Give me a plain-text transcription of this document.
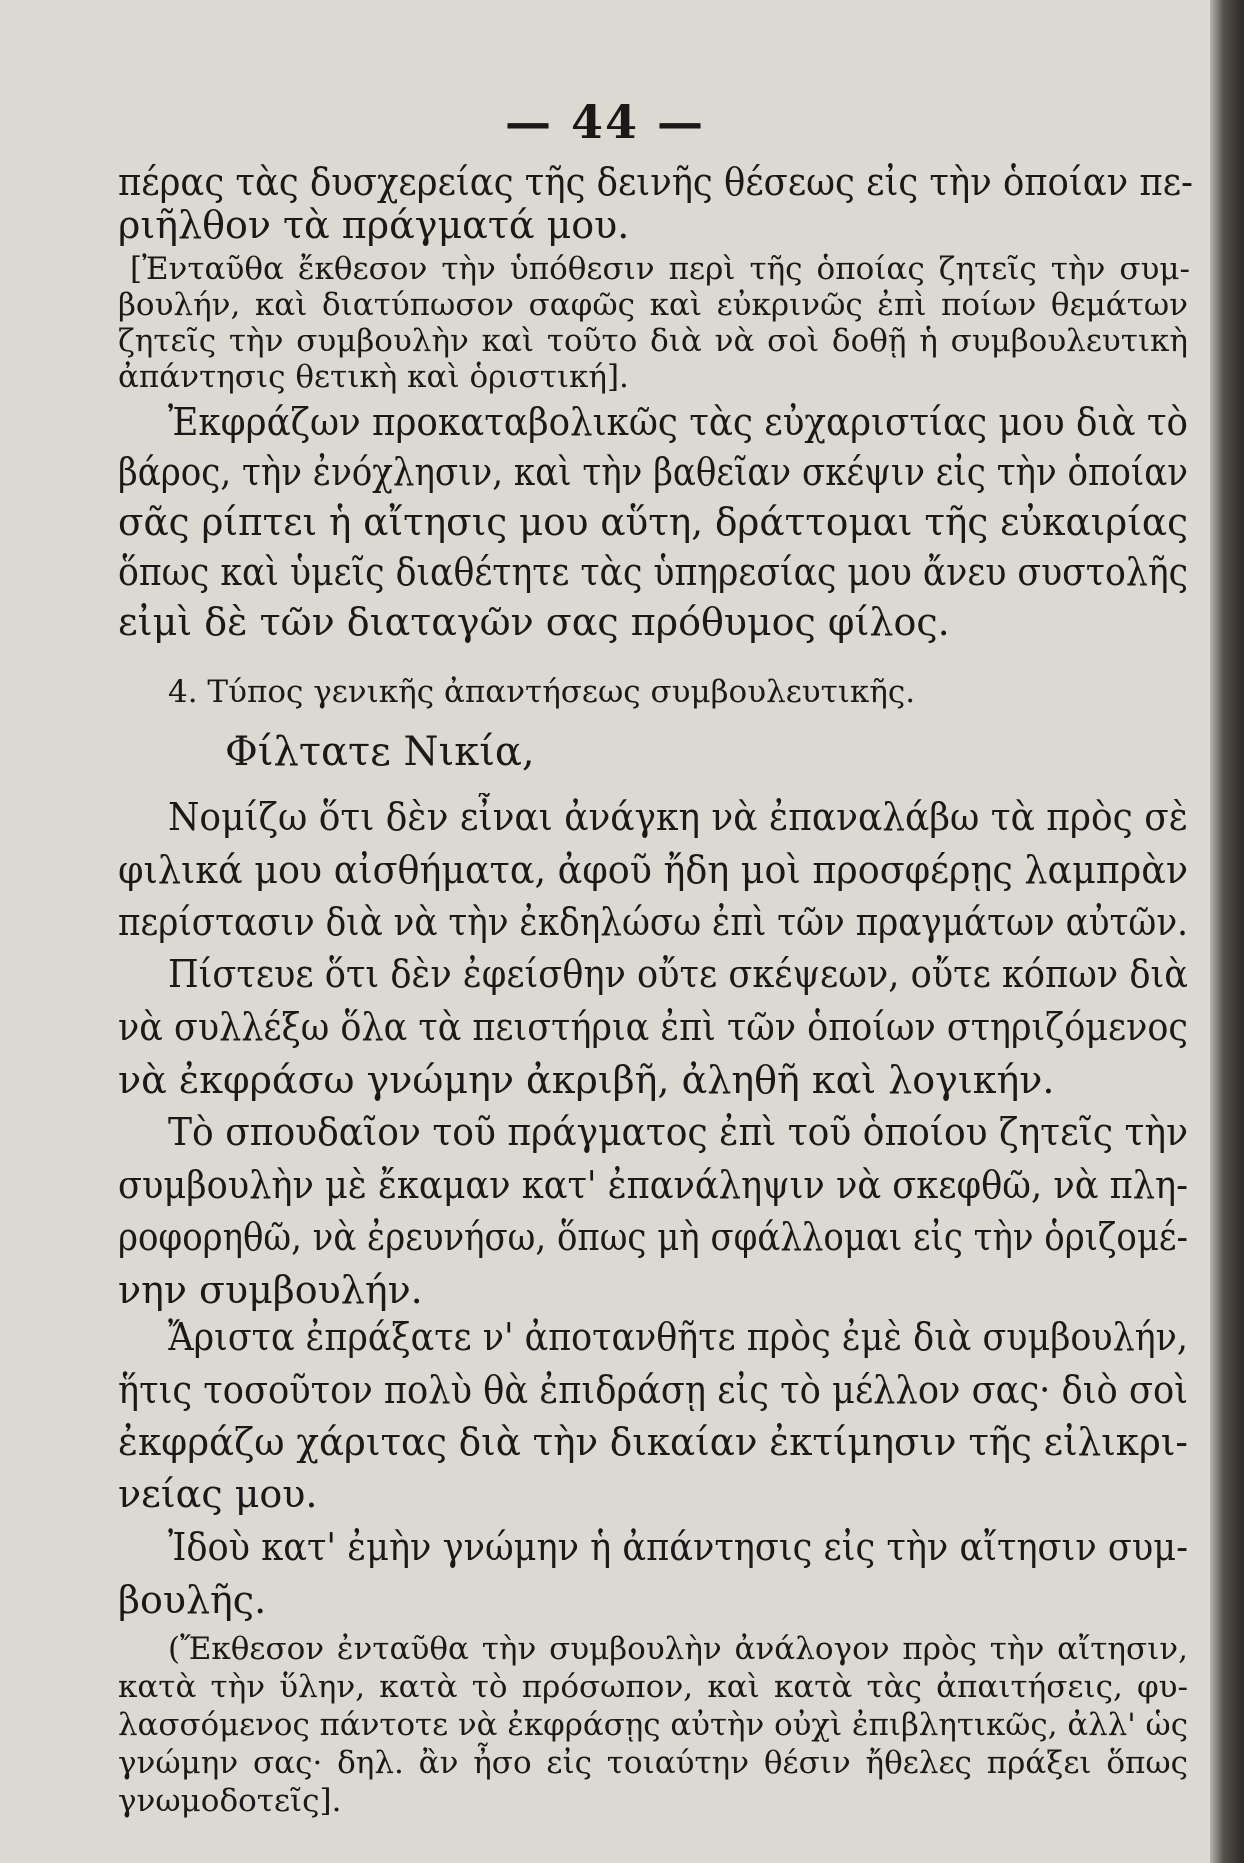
— 44 —
πέρας τὰς δυσχερείας τῆς δεινῆς θέσεως εἰς τὴν ὁποίαν πε-
ριῆλθον τὰ πράγματά μου.
[Ἐνταῦθα ἔκθεσον τὴν ὑπόθεσιν περὶ τῆς ὁποίας ζητεῖς τὴν συμ-
βουλήν, καὶ διατύπωσον σαφῶς καὶ εὐκρινῶς ἐπὶ ποίων θεμάτων
ζητεῖς τὴν συμβουλὴν καὶ τοῦτο διὰ νὰ σοὶ δοθῇ ἡ συμβουλευτικὴ
ἀπάντησις θετικὴ καὶ ὁριστική].
Ἐκφράζων προκαταβολικῶς τὰς εὐχαριστίας μου διὰ τὸ
βάρος, τὴν ἐνόχλησιν, καὶ τὴν βαθεῖαν σκέψιν εἰς τὴν ὁποίαν
σᾶς ρίπτει ἡ αἴτησις μου αὕτη, δράττομαι τῆς εὐκαιρίας
ὅπως καὶ ὑμεῖς διαθέτητε τὰς ὑπηρεσίας μου ἄνευ συστολῆς
εἰμὶ δὲ τῶν διαταγῶν σας πρόθυμος φίλος.
4. Τύπος γενικῆς ἀπαντήσεως συμβουλευτικῆς.
Φίλτατε Νικία,
Νομίζω ὅτι δὲν εἶναι ἀνάγκη νὰ ἐπαναλάβω τὰ πρὸς σὲ
φιλικά μου αἰσθήματα, ἀφοῦ ἤδη μοὶ προσφέρῃς λαμπρὰν
περίστασιν διὰ νὰ τὴν ἐκδηλώσω ἐπὶ τῶν πραγμάτων αὐτῶν.
Πίστευε ὅτι δὲν ἐφείσθην οὔτε σκέψεων, οὔτε κόπων διὰ
νὰ συλλέξω ὅλα τὰ πειστήρια ἐπὶ τῶν ὁποίων στηριζόμενος
νὰ ἐκφράσω γνώμην ἀκριβῆ, ἀληθῆ καὶ λογικήν.
Τὸ σπουδαῖον τοῦ πράγματος ἐπὶ τοῦ ὁποίου ζητεῖς τὴν
συμβουλὴν μὲ ἔκαμαν κατ' ἐπανάληψιν νὰ σκεφθῶ, νὰ πλη-
ροφορηθῶ, νὰ ἐρευνήσω, ὅπως μὴ σφάλλομαι εἰς τὴν ὁριζομέ-
νην συμβουλήν.
Ἄριστα ἐπράξατε ν' ἀποτανθῆτε πρὸς ἐμὲ διὰ συμβουλήν,
ἥτις τοσοῦτον πολὺ θὰ ἐπιδράσῃ εἰς τὸ μέλλον σας· διὸ σοὶ
ἐκφράζω χάριτας διὰ τὴν δικαίαν ἐκτίμησιν τῆς εἰλικρι-
νείας μου.
Ἰδοὺ κατ' ἐμὴν γνώμην ἡ ἀπάντησις εἰς τὴν αἴτησιν συμ-
βουλῆς.
(Ἔκθεσον ἐνταῦθα τὴν συμβουλὴν ἀνάλογον πρὸς τὴν αἴτησιν,
κατὰ τὴν ὕλην, κατὰ τὸ πρόσωπον, καὶ κατὰ τὰς ἀπαιτήσεις, φυ-
λασσόμενος πάντοτε νὰ ἐκφράσῃς αὐτὴν οὐχὶ ἐπιβλητικῶς, ἀλλ' ὡς
γνώμην σας· δηλ. ἂν ἦσο εἰς τοιαύτην θέσιν ἤθελες πράξει ὅπως
γνωμοδοτεῖς].
